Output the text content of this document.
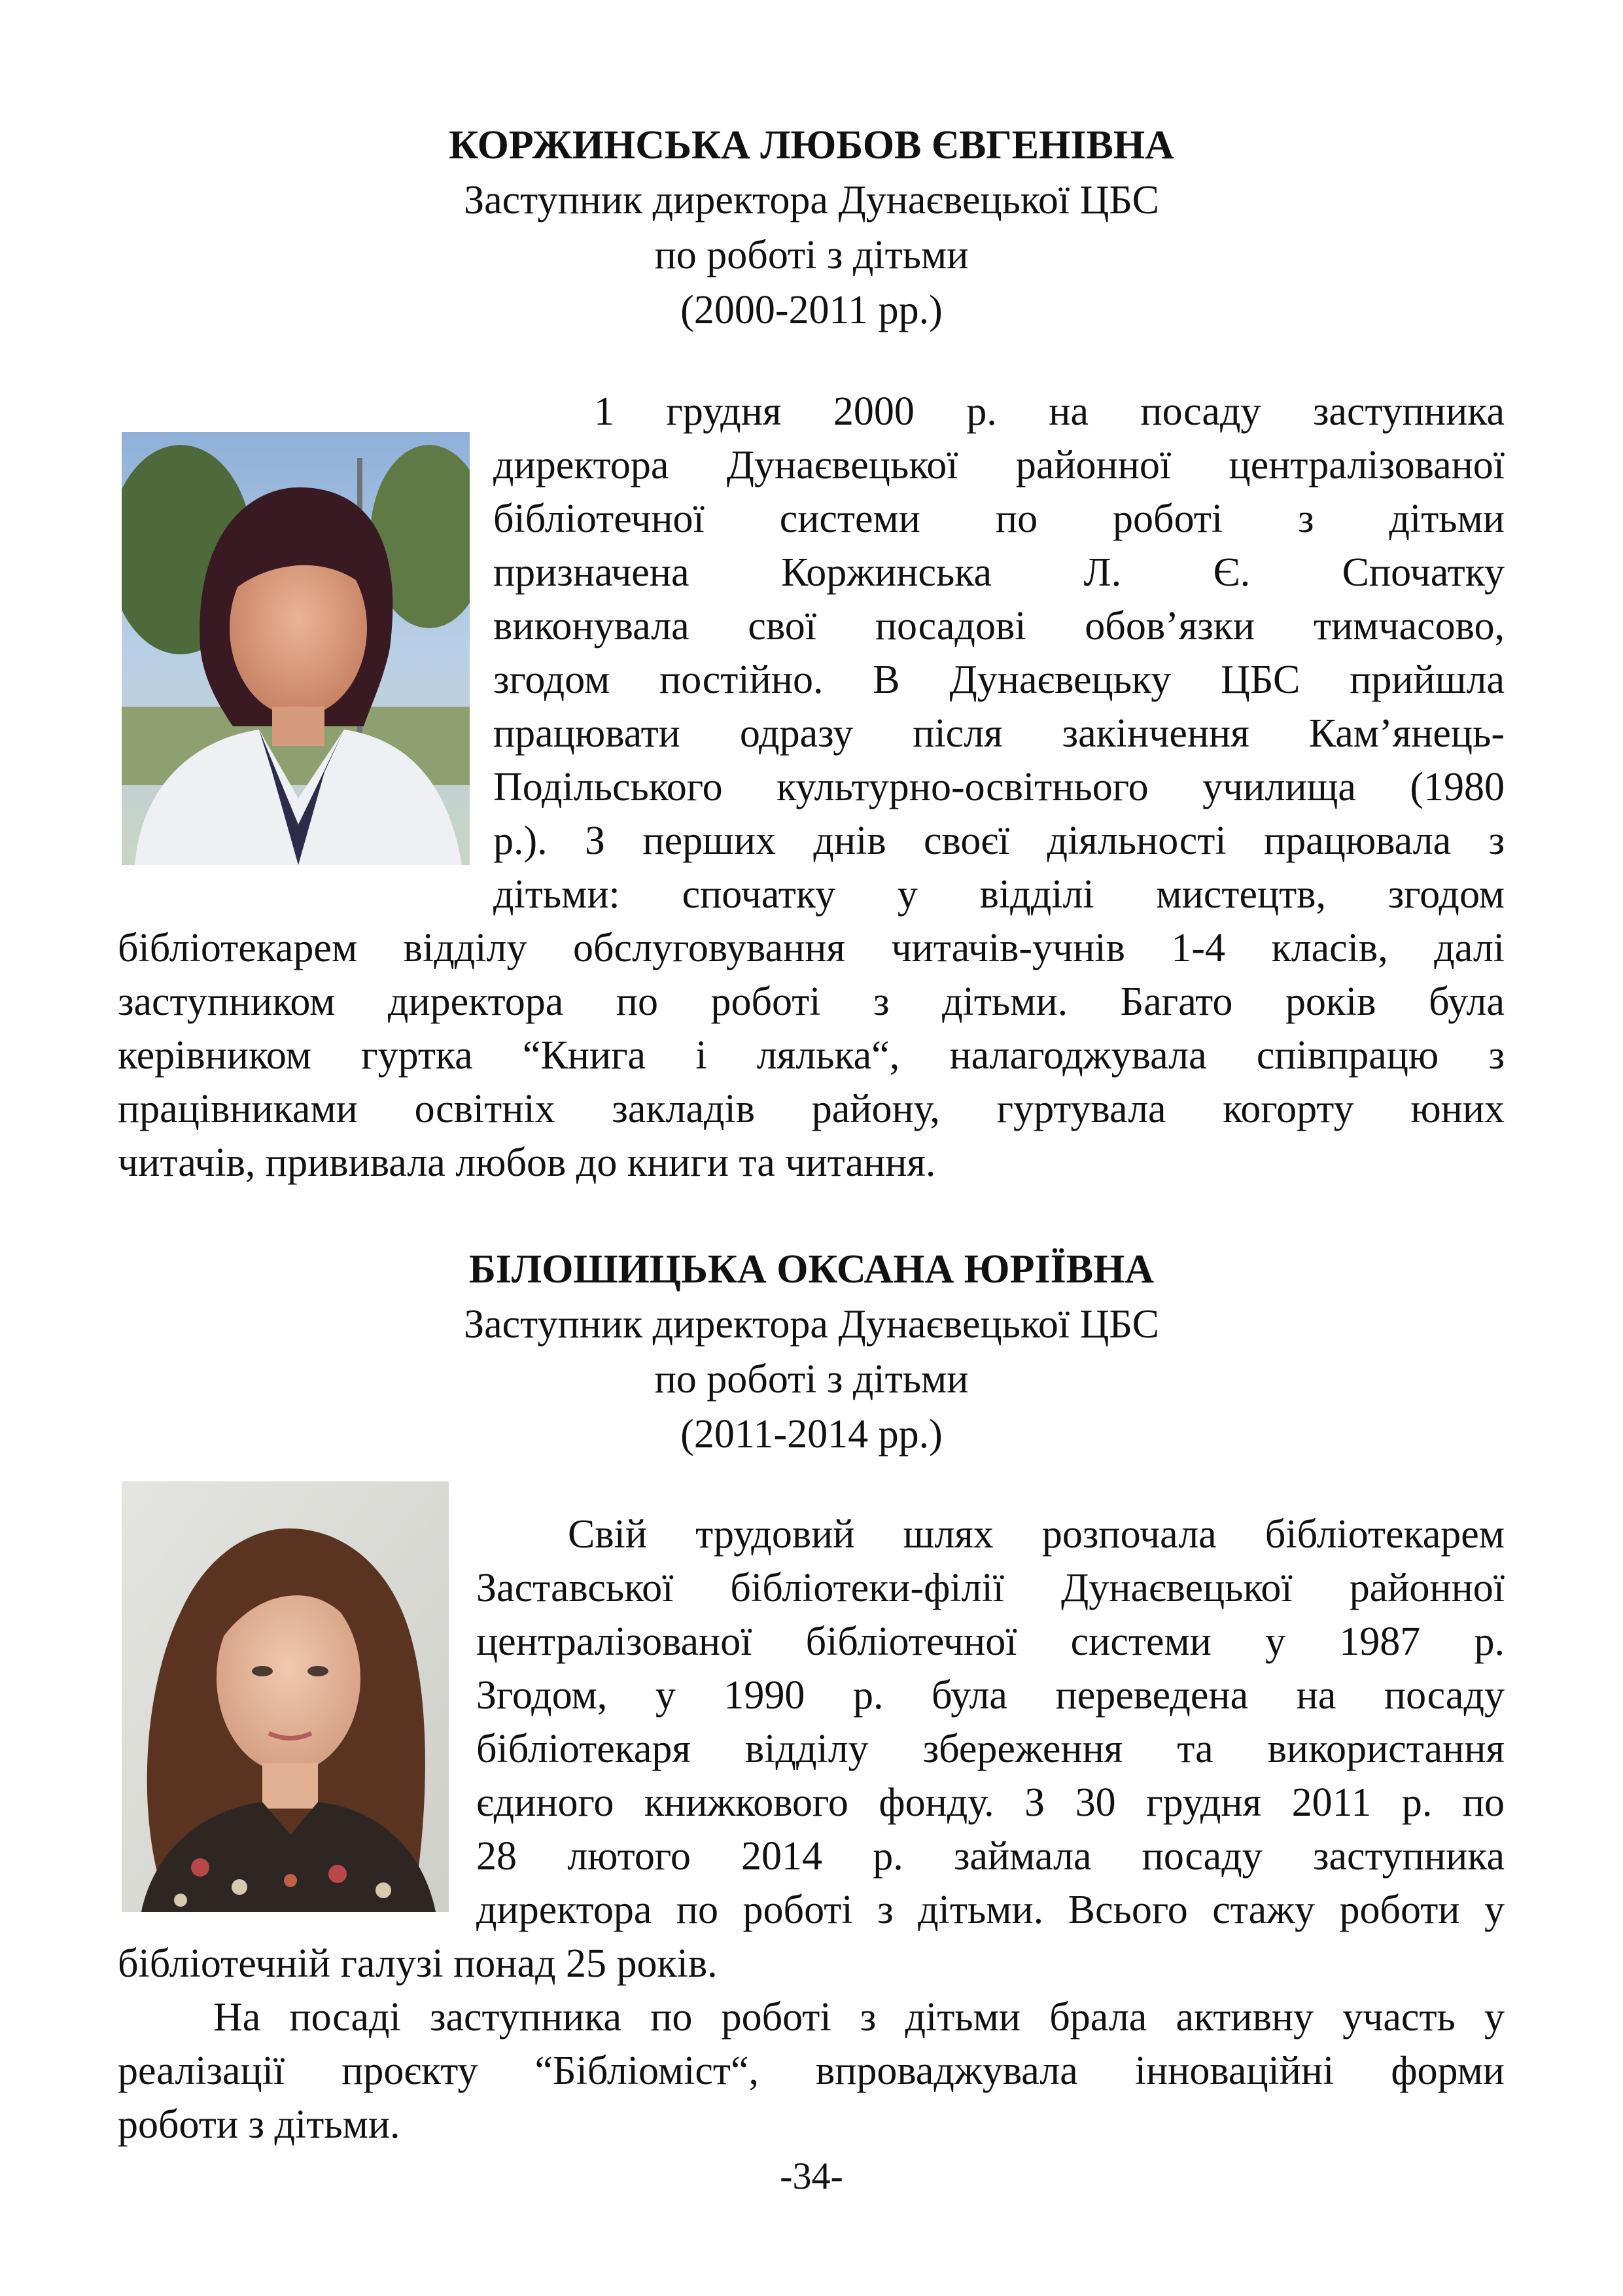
КОРЖИНСЬКА ЛЮБОВ ЄВГЕНІВНА
Заступник директора Дунаєвецької ЦБС
по роботі з дітьми
(2000-2011 рр.)
1 грудня 2000 р. на посаду заступника
директора Дунаєвецької районної централізованої
бібліотечної системи по роботі з дітьми
призначена Коржинська Л. Є. Спочатку
виконувала свої посадові обов’язки тимчасово,
згодом постійно. В Дунаєвецьку ЦБС прийшла
працювати одразу після закінчення Кам’янець-
Подільського культурно-освітнього училища (1980
р.). З перших днів своєї діяльності працювала з
дітьми: спочатку у відділі мистецтв, згодом
бібліотекарем відділу обслуговування читачів-учнів 1-4 класів, далі
заступником директора по роботі з дітьми. Багато років була
керівником гуртка “Книга і лялька“, налагоджувала співпрацю з
працівниками освітніх закладів району, гуртувала когорту юних
читачів, прививала любов до книги та читання.
БІЛОШИЦЬКА ОКСАНА ЮРІЇВНА
Заступник директора Дунаєвецької ЦБС
по роботі з дітьми
(2011-2014 рр.)
Свій трудовий шлях розпочала бібліотекарем
Заставської бібліотеки-філії Дунаєвецької районної
централізованої бібліотечної системи у 1987 р.
Згодом, у 1990 р. була переведена на посаду
бібліотекаря відділу збереження та використання
єдиного книжкового фонду. З 30 грудня 2011 р. по
28 лютого 2014 р. займала посаду заступника
директора по роботі з дітьми. Всього стажу роботи у
бібліотечній галузі понад 25 років.
На посаді заступника по роботі з дітьми брала активну участь у
реалізації проєкту “Бібліоміст“, впроваджувала інноваційні форми
роботи з дітьми.
-34-
